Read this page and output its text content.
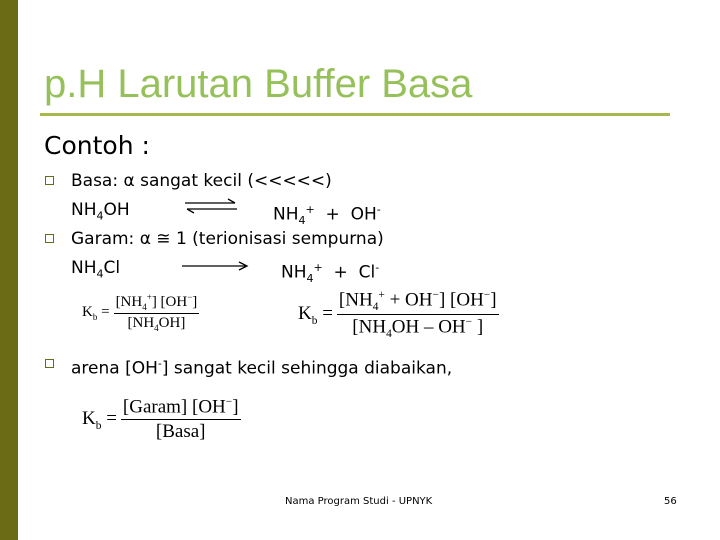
p.H Larutan Buffer Basa
Contoh :
Basa: α sangat kecil (<<<<<)
$NH_4OH$	$NH_4^+ + OH^-$
Garam: α ≅ 1 (terionisasi sempurna)
$NH_4Cl$	$NH_4^+ + Cl^-$
$K_b = \frac{[NH_4^+] [OH^-]}{[NH_4OH]}$	$K_b = \frac{[NH_4^+ + OH^-] [OH^-]}{[NH_4OH - OH^- ]}$
arena [OH-] sangat kecil sehingga diabaikan,
$K_b = \frac{[Garam] [OH^-]}{\text{[Basa]}}$
Nama Program Studi - UPNYK	56
